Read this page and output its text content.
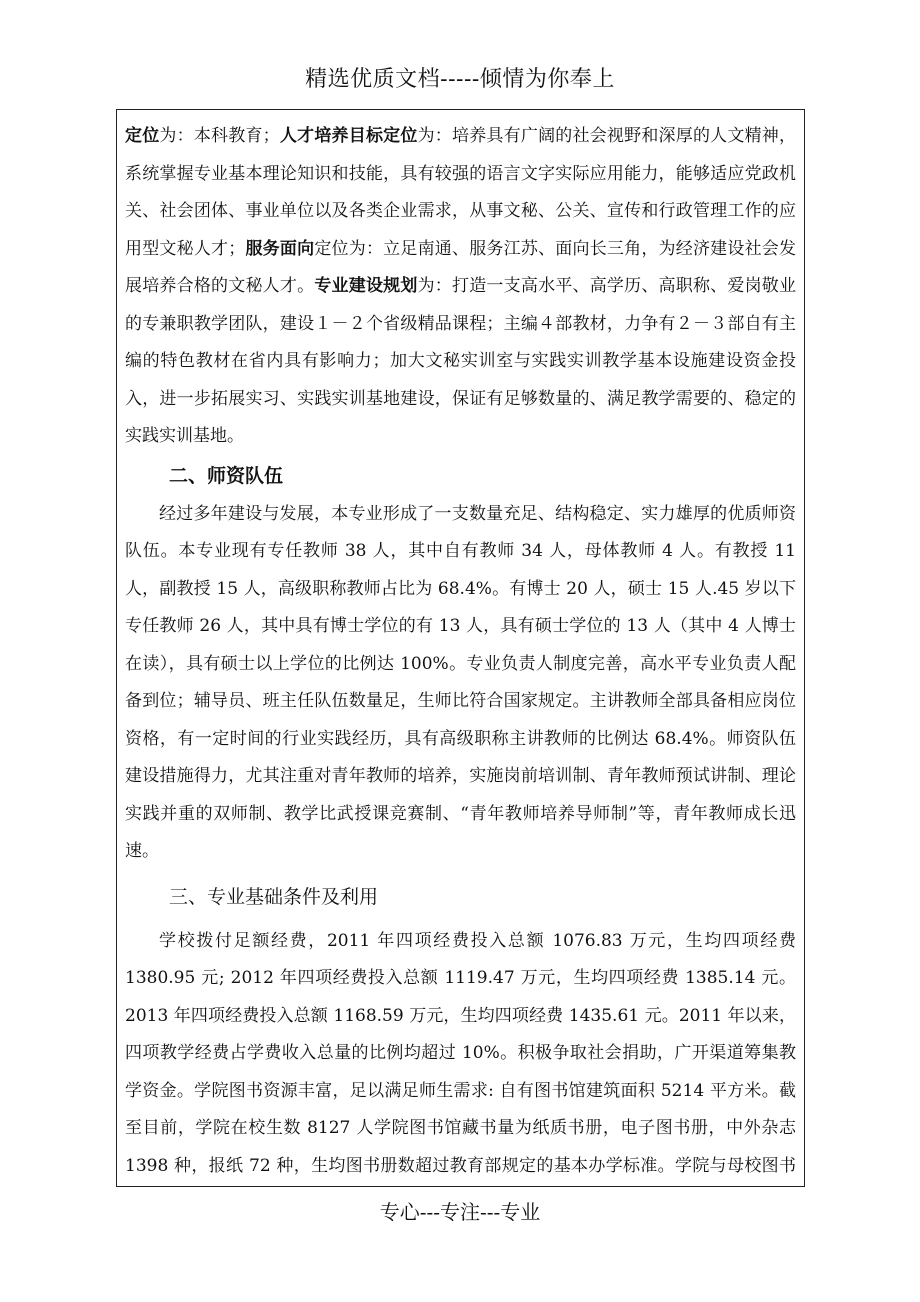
精选优质文档-----倾情为你奉上

定位为：本科教育；人才培养目标定位为：培养具有广阔的社会视野和深厚的人文精神，系统掌握专业基本理论知识和技能，具有较强的语言文字实际应用能力，能够适应党政机关、社会团体、事业单位以及各类企业需求，从事文秘、公关、宣传和行政管理工作的应用型文秘人才；服务面向定位为：立足南通、服务江苏、面向长三角，为经济建设社会发展培养合格的文秘人才。专业建设规划为：打造一支高水平、高学历、高职称、爱岗敬业的专兼职教学团队，建设１－２个省级精品课程；主编４部教材，力争有２－３部自有主编的特色教材在省内具有影响力；加大文秘实训室与实践实训教学基本设施建设资金投入，进一步拓展实习、实践实训基地建设，保证有足够数量的、满足教学需要的、稳定的实践实训基地。

二、师资队伍

经过多年建设与发展，本专业形成了一支数量充足、结构稳定、实力雄厚的优质师资队伍。本专业现有专任教师 38 人，其中自有教师 34 人，母体教师 4 人。有教授 11 人，副教授 15 人，高级职称教师占比为 68.4%。有博士 20 人，硕士 15 人.45 岁以下专任教师 26 人，其中具有博士学位的有 13 人，具有硕士学位的 13 人（其中 4 人博士在读），具有硕士以上学位的比例达 100%。专业负责人制度完善，高水平专业负责人配备到位；辅导员、班主任队伍数量足，生师比符合国家规定。主讲教师全部具备相应岗位资格，有一定时间的行业实践经历，具有高级职称主讲教师的比例达 68.4%。师资队伍建设措施得力，尤其注重对青年教师的培养，实施岗前培训制、青年教师预试讲制、理论实践并重的双师制、教学比武授课竞赛制、“青年教师培养导师制”等，青年教师成长迅速。

三、专业基础条件及利用

学校拨付足额经费，2011 年四项经费投入总额 1076.83 万元，生均四项经费 1380.95 元; 2012 年四项经费投入总额 1119.47 万元，生均四项经费 1385.14 元。2013 年四项经费投入总额 1168.59 万元，生均四项经费 1435.61 元。2011 年以来，四项教学经费占学费收入总量的比例均超过 10%。积极争取社会捐助，广开渠道筹集教学资金。学院图书资源丰富，足以满足师生需求: 自有图书馆建筑面积 5214 平方米。截至目前，学院在校生数 8127 人学院图书馆藏书量为纸质书册，电子图书册，中外杂志 1398 种，报纸 72 种，生均图书册数超过教育部规定的基本办学标准。学院与母校图书

专心---专注---专业
